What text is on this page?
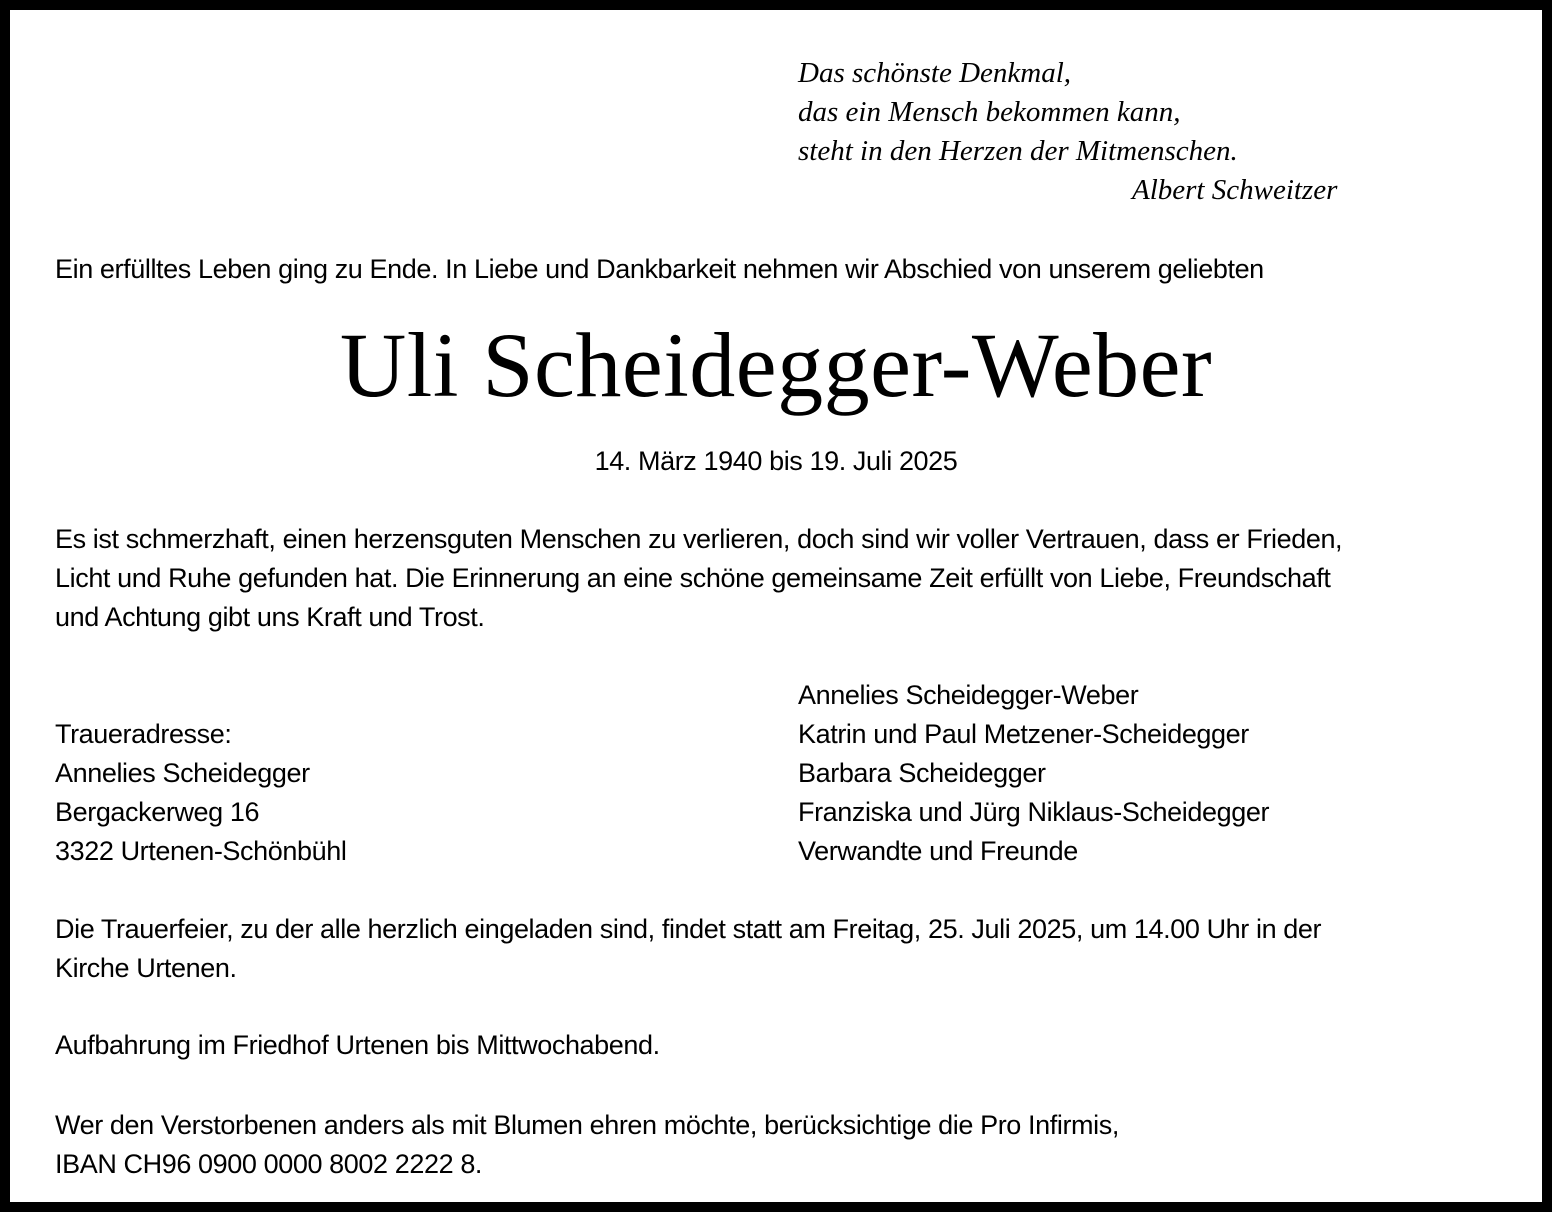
Das schönste Denkmal,
das ein Mensch bekommen kann,
steht in den Herzen der Mitmenschen.
Albert Schweitzer
Ein erfülltes Leben ging zu Ende. In Liebe und Dankbarkeit nehmen wir Abschied von unserem geliebten
Uli Scheidegger-Weber
14. März 1940 bis 19. Juli 2025
Es ist schmerzhaft, einen herzensguten Menschen zu verlieren, doch sind wir voller Vertrauen, dass er Frieden,
Licht und Ruhe gefunden hat. Die Erinnerung an eine schöne gemeinsame Zeit erfüllt von Liebe, Freundschaft
und Achtung gibt uns Kraft und Trost.
Traueradresse:
Annelies Scheidegger
Bergackerweg 16
3322 Urtenen-Schönbühl
Annelies Scheidegger-Weber
Katrin und Paul Metzener-Scheidegger
Barbara Scheidegger
Franziska und Jürg Niklaus-Scheidegger
Verwandte und Freunde
Die Trauerfeier, zu der alle herzlich eingeladen sind, findet statt am Freitag, 25. Juli 2025, um 14.00 Uhr in der
Kirche Urtenen.
Aufbahrung im Friedhof Urtenen bis Mittwochabend.
Wer den Verstorbenen anders als mit Blumen ehren möchte, berücksichtige die Pro Infirmis,
IBAN CH96 0900 0000 8002 2222 8.
